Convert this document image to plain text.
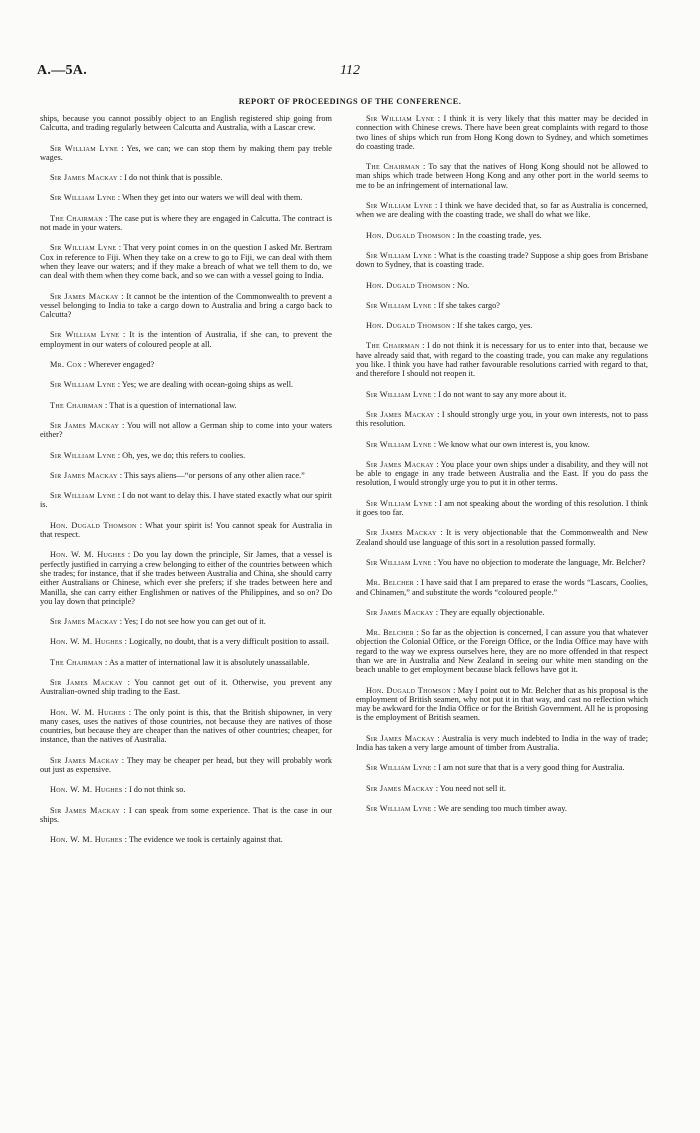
A.—5A.	112
REPORT OF PROCEEDINGS OF THE CONFERENCE.

ships, because you cannot possibly object to an English registered ship going from Calcutta, and trading regularly between Calcutta and Australia, with a Lascar crew.

Sir William Lyne : Yes, we can; we can stop them by making them pay treble wages.

Sir James Mackay : I do not think that is possible.

Sir William Lyne : When they get into our waters we will deal with them.

The Chairman : The case put is where they are engaged in Calcutta. The contract is not made in your waters.

Sir William Lyne : That very point comes in on the question I asked Mr. Bertram Cox in reference to Fiji. When they take on a crew to go to Fiji, we can deal with them when they leave our waters; and if they make a breach of what we tell them to do, we can deal with them when they come back, and so we can with a vessel going to India.

Sir James Mackay : It cannot be the intention of the Commonwealth to prevent a vessel belonging to India to take a cargo down to Australia and bring a cargo back to Calcutta?

Sir William Lyne : It is the intention of Australia, if she can, to prevent the employment in our waters of coloured people at all.

Mr. Cox : Wherever engaged?

Sir William Lyne : Yes; we are dealing with ocean-going ships as well.

The Chairman : That is a question of international law.

Sir James Mackay : You will not allow a German ship to come into your waters either?

Sir William Lyne : Oh, yes, we do; this refers to coolies.

Sir James Mackay : This says aliens—“or persons of any other alien race.”

Sir William Lyne : I do not want to delay this. I have stated exactly what our spirit is.

Hon. Dugald Thomson : What your spirit is! You cannot speak for Australia in that respect.

Hon. W. M. Hughes : Do you lay down the principle, Sir James, that a vessel is perfectly justified in carrying a crew belonging to either of the countries between which she trades; for instance, that if she trades between Australia and China, she should carry either Australians or Chinese, which ever she prefers; if she trades between here and Manilla, she can carry either Englishmen or natives of the Philippines, and so on? Do you lay down that principle?

Sir James Mackay : Yes; I do not see how you can get out of it.

Hon. W. M. Hughes : Logically, no doubt, that is a very difficult position to assail.

The Chairman : As a matter of international law it is absolutely unassailable.

Sir James Mackay : You cannot get out of it. Otherwise, you prevent any Australian-owned ship trading to the East.

Hon. W. M. Hughes : The only point is this, that the British shipowner, in very many cases, uses the natives of those countries, not because they are natives of those countries, but because they are cheaper than the natives of other countries; cheaper, for instance, than the natives of Australia.

Sir James Mackay : They may be cheaper per head, but they will probably work out just as expensive.

Hon. W. M. Hughes : I do not think so.

Sir James Mackay : I can speak from some experience. That is the case in our ships.

Hon. W. M. Hughes : The evidence we took is certainly against that.

Sir William Lyne : I think it is very likely that this matter may be decided in connection with Chinese crews. There have been great complaints with regard to those two lines of ships which run from Hong Kong down to Sydney, and which sometimes do coasting trade.

The Chairman : To say that the natives of Hong Kong should not be allowed to man ships which trade between Hong Kong and any other port in the world seems to me to be an infringement of international law.

Sir William Lyne : I think we have decided that, so far as Australia is concerned, when we are dealing with the coasting trade, we shall do what we like.

Hon. Dugald Thomson : In the coasting trade, yes.

Sir William Lyne : What is the coasting trade? Suppose a ship goes from Brisbane down to Sydney, that is coasting trade.

Hon. Dugald Thomson : No.

Sir William Lyne : If she takes cargo?

Hon. Dugald Thomson : If she takes cargo, yes.

The Chairman : I do not think it is necessary for us to enter into that, because we have already said that, with regard to the coasting trade, you can make any regulations you like. I think you have had rather favourable resolutions carried with regard to that, and therefore I should not reopen it.

Sir William Lyne : I do not want to say any more about it.

Sir James Mackay : I should strongly urge you, in your own interests, not to pass this resolution.

Sir William Lyne : We know what our own interest is, you know.

Sir James Mackay : You place your own ships under a disability, and they will not be able to engage in any trade between Australia and the East. If you do pass the resolution, I would strongly urge you to put it in other terms.

Sir William Lyne : I am not speaking about the wording of this resolution. I think it goes too far.

Sir James Mackay : It is very objectionable that the Commonwealth and New Zealand should use language of this sort in a resolution passed formally.

Sir William Lyne : You have no objection to moderate the language, Mr. Belcher?

Mr. Belcher : I have said that I am prepared to erase the words “Lascars, Coolies, and Chinamen,” and substitute the words “coloured people.”

Sir James Mackay : They are equally objectionable.

Mr. Belcher : So far as the objection is concerned, I can assure you that whatever objection the Colonial Office, or the Foreign Office, or the India Office may have with regard to the way we express ourselves here, they are no more offended in that respect than we are in Australia and New Zealand in seeing our white men standing on the beach unable to get employment because black fellows have got it.

Hon. Dugald Thomson : May I point out to Mr. Belcher that as his proposal is the employment of British seamen, why not put it in that way, and cast no reflection which may be awkward for the India Office or for the British Government. All he is proposing is the employment of British seamen.

Sir James Mackay : Australia is very much indebted to India in the way of trade; India has taken a very large amount of timber from Australia.

Sir William Lyne : I am not sure that that is a very good thing for Australia.

Sir James Mackay : You need not sell it.

Sir William Lyne : We are sending too much timber away.
